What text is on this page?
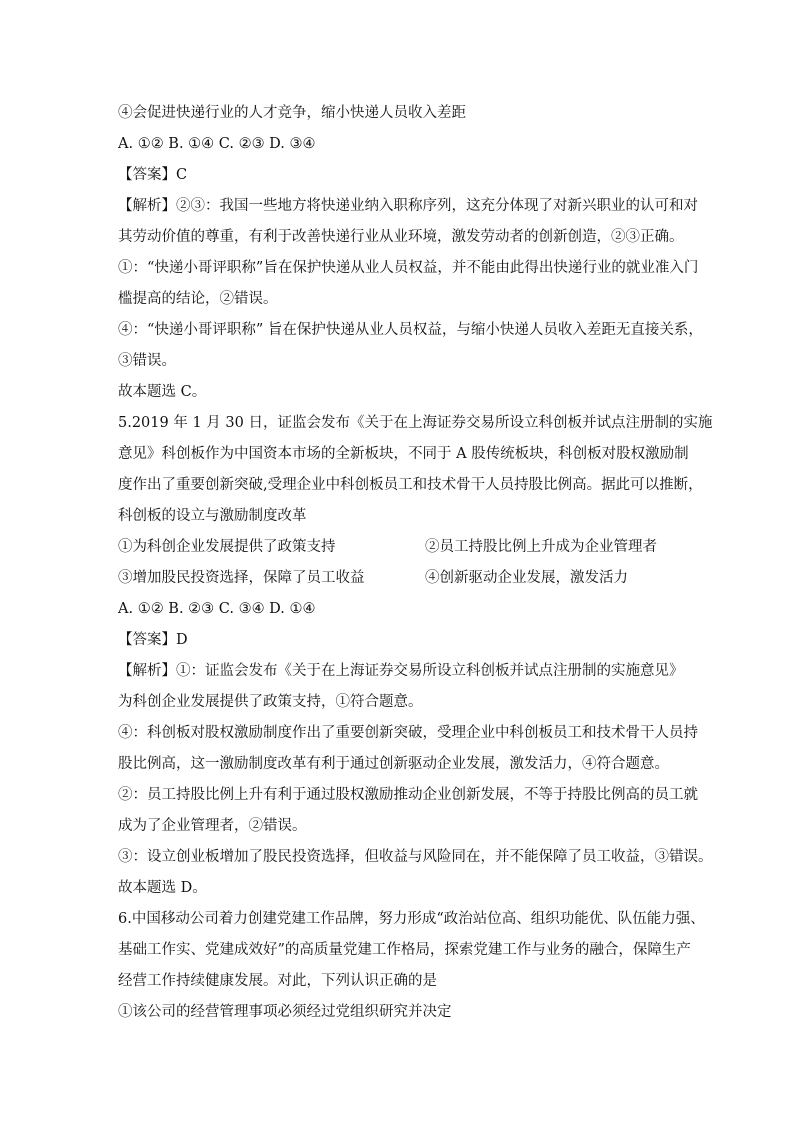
④会促进快递行业的人才竞争，缩小快递人员收入差距
A. ①② B. ①④ C. ②③ D. ③④
【答案】C
【解析】②③：我国一些地方将快递业纳入职称序列，这充分体现了对新兴职业的认可和对
其劳动价值的尊重，有利于改善快递行业从业环境，激发劳动者的创新创造，②③正确。
①：“快递小哥评职称”旨在保护快递从业人员权益，并不能由此得出快递行业的就业准入门
槛提高的结论，②错误。
④：“快递小哥评职称” 旨在保护快递从业人员权益，与缩小快递人员收入差距无直接关系，
③错误。
故本题选 C。
5.2019 年 1 月 30 日，证监会发布《关于在上海证券交易所设立科创板并试点注册制的实施
意见》科创板作为中国资本市场的全新板块，不同于 A 股传统板块，科创板对股权激励制
度作出了重要创新突破,受理企业中科创板员工和技术骨干人员持股比例高。据此可以推断，
科创板的设立与激励制度改革
①为科创企业发展提供了政策支持	②员工持股比例上升成为企业管理者
③增加股民投资选择，保障了员工收益	④创新驱动企业发展，激发活力
A. ①② B. ②③ C. ③④ D. ①④
【答案】D
【解析】①：证监会发布《关于在上海证券交易所设立科创板并试点注册制的实施意见》
为科创企业发展提供了政策支持，①符合题意。
④：科创板对股权激励制度作出了重要创新突破，受理企业中科创板员工和技术骨干人员持
股比例高，这一激励制度改革有利于通过创新驱动企业发展，激发活力，④符合题意。
②：员工持股比例上升有利于通过股权激励推动企业创新发展，不等于持股比例高的员工就
成为了企业管理者，②错误。
③：设立创业板增加了股民投资选择，但收益与风险同在，并不能保障了员工收益，③错误。
故本题选 D。
6.中国移动公司着力创建党建工作品牌，努力形成“政治站位高、组织功能优、队伍能力强、
基础工作实、党建成效好”的高质量党建工作格局，探索党建工作与业务的融合，保障生产
经营工作持续健康发展。对此，下列认识正确的是
①该公司的经营管理事项必须经过党组织研究并决定
